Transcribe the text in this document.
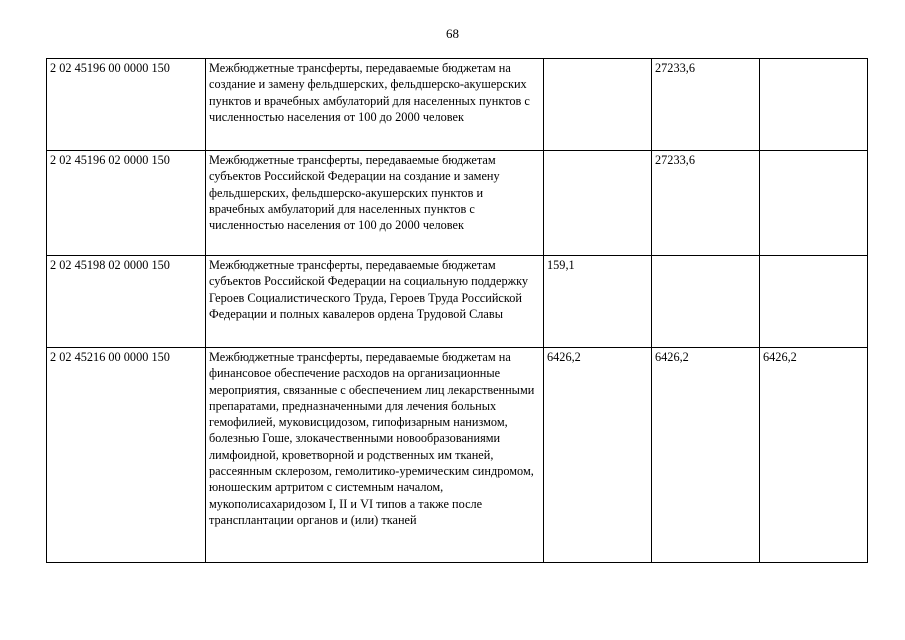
68
2 02 45196 00 0000 150	Межбюджетные трансферты, передаваемые бюджетам на создание и замену фельдшерских, фельдшерско-акушерских пунктов и врачебных амбулаторий для населенных пунктов с численностью населения от 100 до 2000 человек		27233,6	
2 02 45196 02 0000 150	Межбюджетные трансферты, передаваемые бюджетам субъектов Российской Федерации на создание и замену фельдшерских, фельдшерско-акушерских пунктов и врачебных амбулаторий для населенных пунктов с численностью населения от 100 до 2000 человек		27233,6	
2 02 45198 02 0000 150	Межбюджетные трансферты, передаваемые бюджетам субъектов Российской Федерации на социальную поддержку Героев Социалистического Труда, Героев Труда Российской Федерации и полных кавалеров ордена Трудовой Славы	159,1		
2 02 45216 00 0000 150	Межбюджетные трансферты, передаваемые бюджетам на финансовое обеспечение расходов на организационные мероприятия, связанные с обеспечением лиц лекарственными препаратами, предназначенными для лечения больных гемофилией, муковисцидозом, гипофизарным нанизмом, болезнью Гоше, злокачественными новообразованиями лимфоидной, кроветворной и родственных им тканей, рассеянным склерозом, гемолитико-уремическим синдромом, юношеским артритом с системным началом, мукополисахаридозом I, II и VI типов а также после трансплантации органов и (или) тканей	6426,2	6426,2	6426,2
